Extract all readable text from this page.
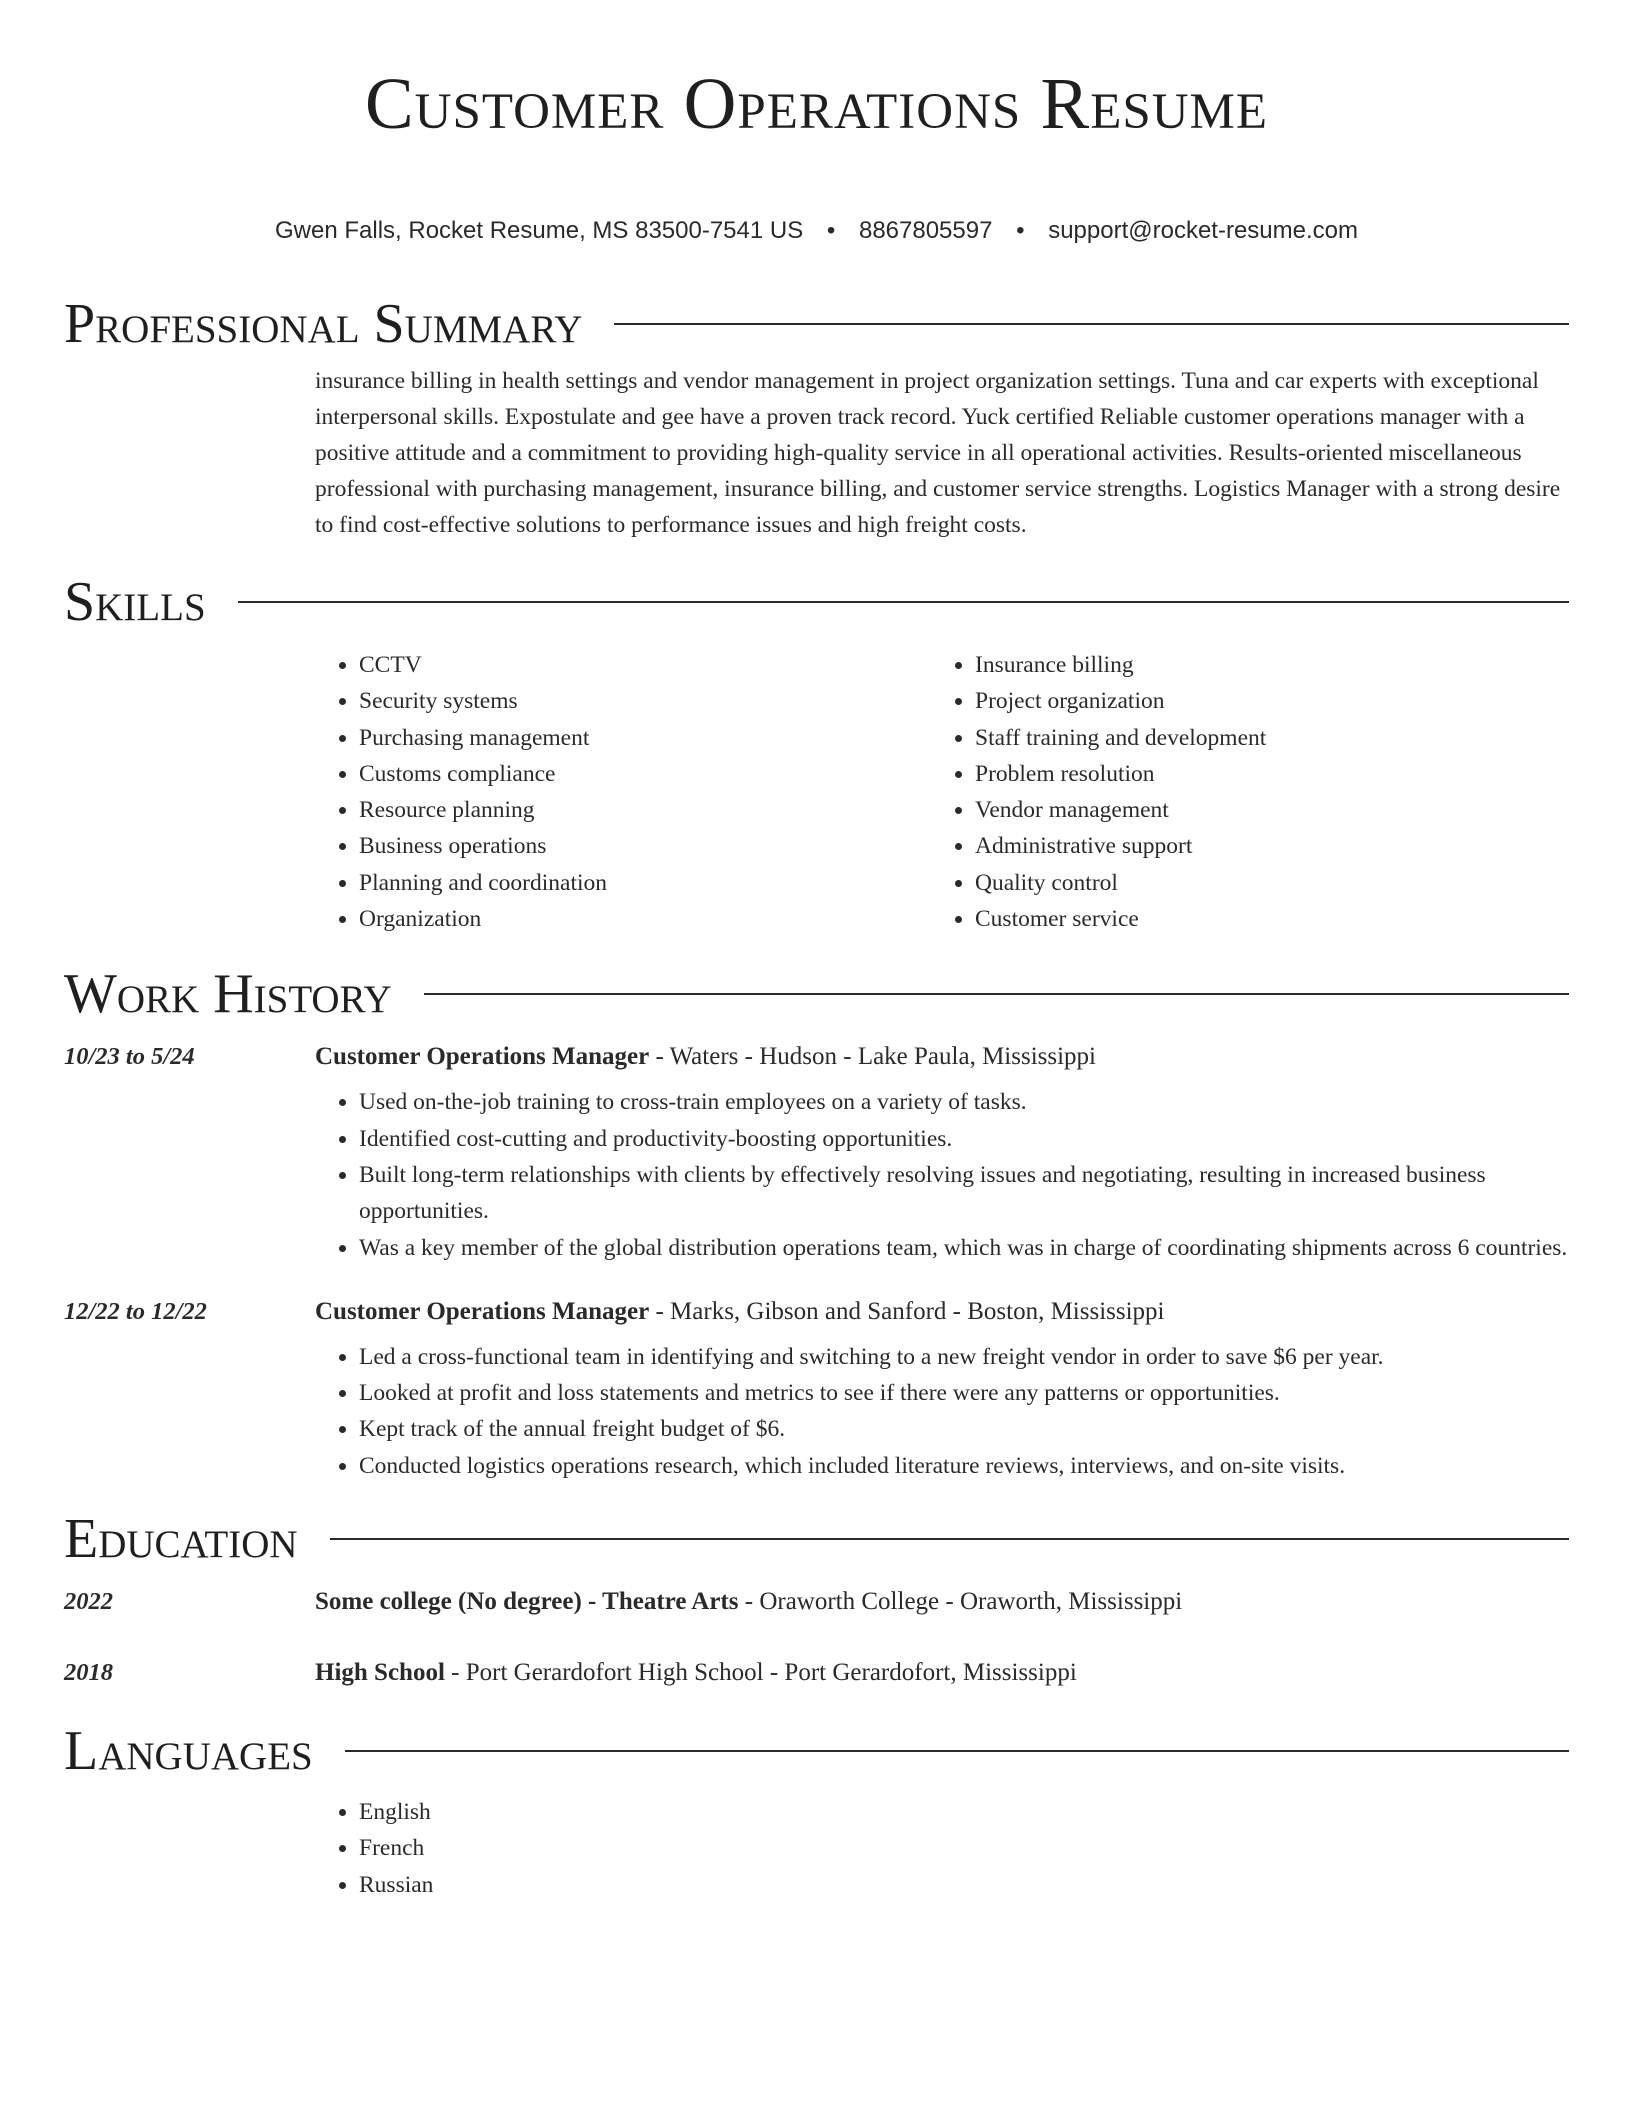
Customer Operations Resume
Gwen Falls, Rocket Resume, MS 83500-7541 US • 8867805597 • support@rocket-resume.com
Professional Summary
insurance billing in health settings and vendor management in project organization settings. Tuna and car experts with exceptional interpersonal skills. Expostulate and gee have a proven track record. Yuck certified Reliable customer operations manager with a positive attitude and a commitment to providing high-quality service in all operational activities. Results-oriented miscellaneous professional with purchasing management, insurance billing, and customer service strengths. Logistics Manager with a strong desire to find cost-effective solutions to performance issues and high freight costs.
Skills
• CCTV
• Security systems
• Purchasing management
• Customs compliance
• Resource planning
• Business operations
• Planning and coordination
• Organization
• Insurance billing
• Project organization
• Staff training and development
• Problem resolution
• Vendor management
• Administrative support
• Quality control
• Customer service
Work History
10/23 to 5/24	Customer Operations Manager - Waters - Hudson - Lake Paula, Mississippi
• Used on-the-job training to cross-train employees on a variety of tasks.
• Identified cost-cutting and productivity-boosting opportunities.
• Built long-term relationships with clients by effectively resolving issues and negotiating, resulting in increased business opportunities.
• Was a key member of the global distribution operations team, which was in charge of coordinating shipments across 6 countries.
12/22 to 12/22	Customer Operations Manager - Marks, Gibson and Sanford - Boston, Mississippi
• Led a cross-functional team in identifying and switching to a new freight vendor in order to save $6 per year.
• Looked at profit and loss statements and metrics to see if there were any patterns or opportunities.
• Kept track of the annual freight budget of $6.
• Conducted logistics operations research, which included literature reviews, interviews, and on-site visits.
Education
2022	Some college (No degree) - Theatre Arts - Oraworth College - Oraworth, Mississippi
2018	High School - Port Gerardofort High School - Port Gerardofort, Mississippi
Languages
• English
• French
• Russian
